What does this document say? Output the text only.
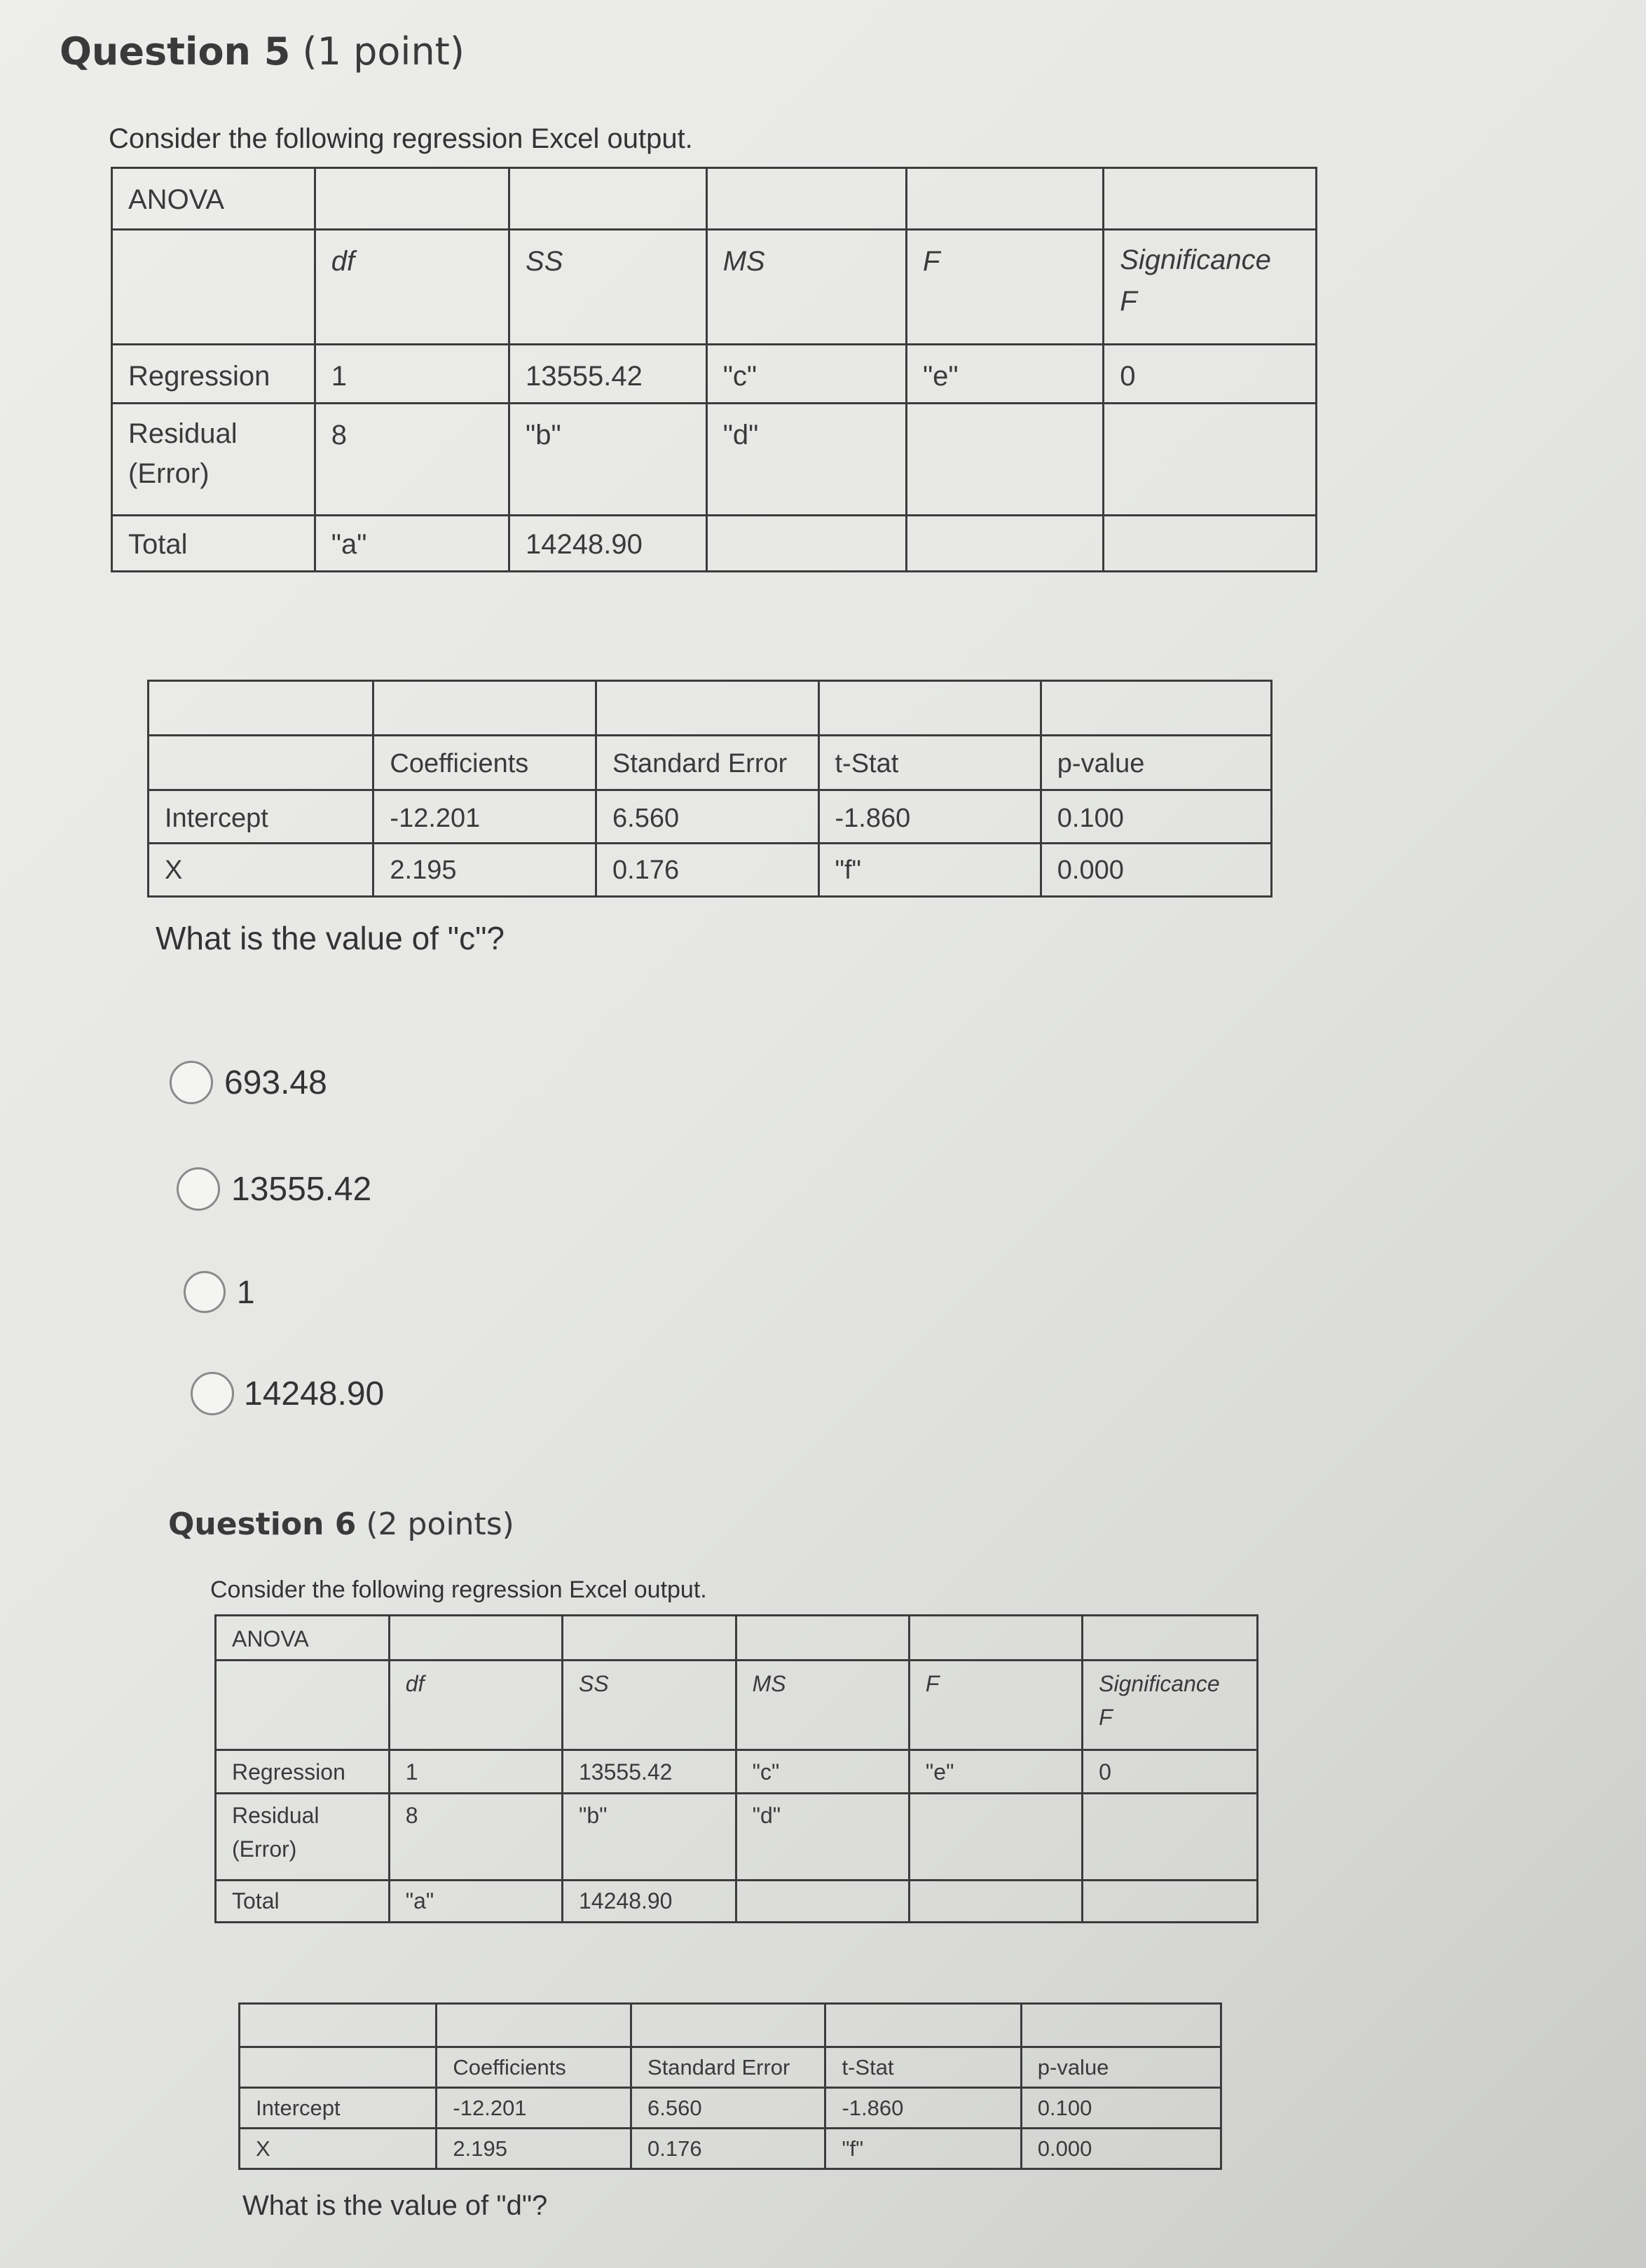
Question 5 (1 point)
Consider the following regression Excel output.
ANOVA					
	df	SS	MS	F	Significance
F

Regression	1	13555.42	"c"	"e"	0

Residual
(Error)	8	"b"	"d"		
Total	"a"	14248.90			

	Coefficients	Standard Error	t-Stat	p-value
Intercept	-12.201	6.560	-1.860	0.100
X	2.195	0.176	"f"	0.000
What is the value of "c"?
693.48
13555.42
1
14248.90
Question 6 (2 points)
Consider the following regression Excel output.
ANOVA					
	df	SS	MS	F	Significance
F

Regression	1	13555.42	"c"	"e"	0

Residual
(Error)	8	"b"	"d"		
Total	"a"	14248.90			

	Coefficients	Standard Error	t-Stat	p-value
Intercept	-12.201	6.560	-1.860	0.100
X	2.195	0.176	"f"	0.000
What is the value of "d"?
